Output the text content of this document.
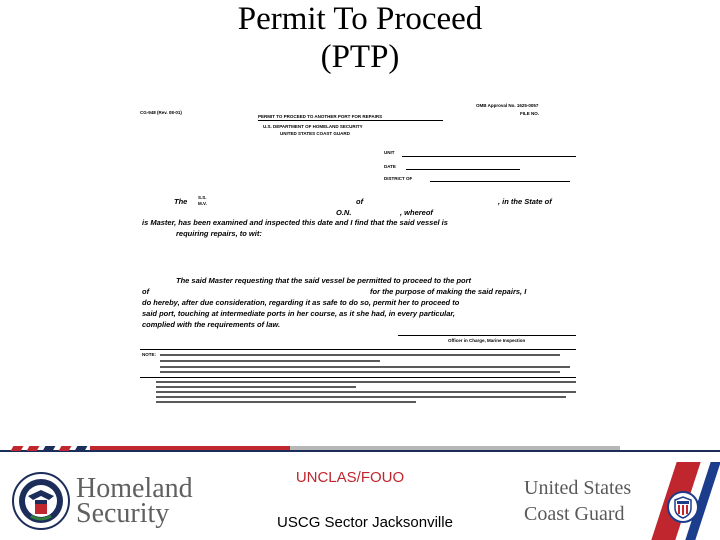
Permit To Proceed
(PTP)
CG-948 (Rev. 08-01)
OMB Approval No. 1625-0057
FILE NO.
PERMIT TO PROCEED TO ANOTHER PORT FOR REPAIRS
U.S. DEPARTMENT OF HOMELAND SECURITY
UNITED STATES COAST GUARD
UNIT
DATE
DISTRICT OF
The S.S. M.V.	of	, in the State of
O.N.	, whereof
is Master, has been examined and inspected this date and I find that the said vessel is
requiring repairs, to wit:
The said Master requesting that the said vessel be permitted to proceed to the port
of	for the purpose of making the said repairs, I
do hereby, after due consideration, regarding it as safe to do so, permit her to proceed to
said port, touching at intermediate ports in her course, as it she had, in every particular,
complied with the requirements of law.
Officer in Charge, Marine Inspection
NOTE:
Homeland
Security
UNCLAS/FOUO
USCG Sector Jacksonville
United States
Coast Guard
